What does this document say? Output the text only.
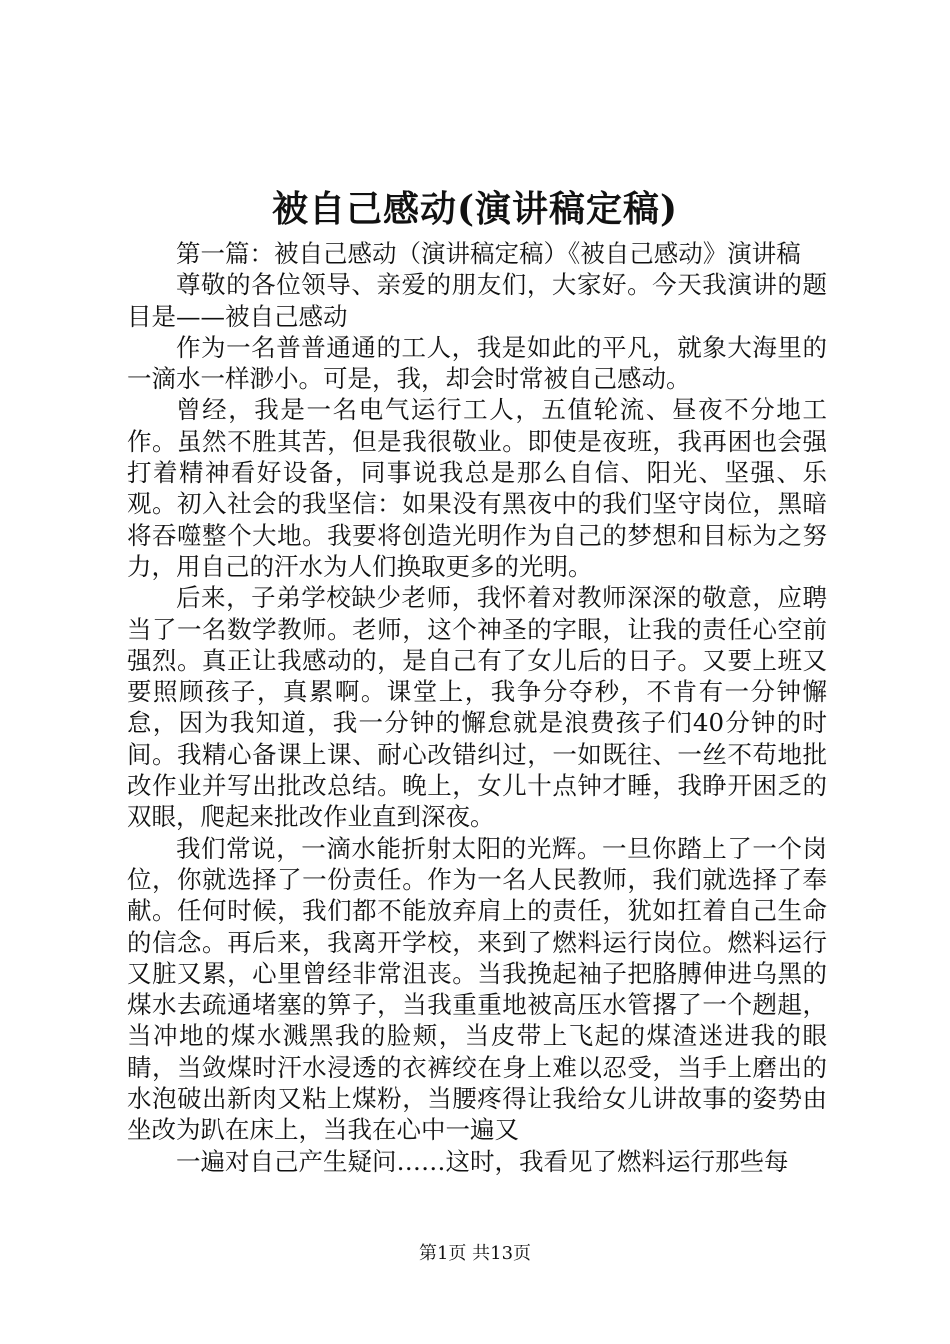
被自己感动(演讲稿定稿)

第一篇：被自己感动（演讲稿定稿）《被自己感动》演讲稿

尊敬的各位领导、亲爱的朋友们，大家好。今天我演讲的题目是——被自己感动

作为一名普普通通的工人，我是如此的平凡，就象大海里的一滴水一样渺小。可是，我，却会时常被自己感动。

曾经，我是一名电气运行工人，五值轮流、昼夜不分地工作。虽然不胜其苦，但是我很敬业。即使是夜班，我再困也会强打着精神看好设备，同事说我总是那么自信、阳光、坚强、乐观。初入社会的我坚信：如果没有黑夜中的我们坚守岗位，黑暗将吞噬整个大地。我要将创造光明作为自己的梦想和目标为之努力，用自己的汗水为人们换取更多的光明。

后来，子弟学校缺少老师，我怀着对教师深深的敬意，应聘当了一名数学教师。老师，这个神圣的字眼，让我的责任心空前强烈。真正让我感动的，是自己有了女儿后的日子。又要上班又要照顾孩子，真累啊。课堂上，我争分夺秒，不肯有一分钟懈怠，因为我知道，我一分钟的懈怠就是浪费孩子们40分钟的时间。我精心备课上课、耐心改错纠过，一如既往、一丝不苟地批改作业并写出批改总结。晚上，女儿十点钟才睡，我睁开困乏的双眼，爬起来批改作业直到深夜。

我们常说，一滴水能折射太阳的光辉。一旦你踏上了一个岗位，你就选择了一份责任。作为一名人民教师，我们就选择了奉献。任何时候，我们都不能放弃肩上的责任，犹如扛着自己生命的信念。再后来，我离开学校，来到了燃料运行岗位。燃料运行又脏又累，心里曾经非常沮丧。当我挽起袖子把胳膊伸进乌黑的煤水去疏通堵塞的箅子，当我重重地被高压水管撂了一个趔趄，当冲地的煤水溅黑我的脸颊，当皮带上飞起的煤渣迷进我的眼睛，当敛煤时汗水浸透的衣裤绞在身上难以忍受，当手上磨出的水泡破出新肉又粘上煤粉，当腰疼得让我给女儿讲故事的姿势由坐改为趴在床上，当我在心中一遍又

一遍对自己产生疑问……这时，我看见了燃料运行那些每

第1页 共13页
